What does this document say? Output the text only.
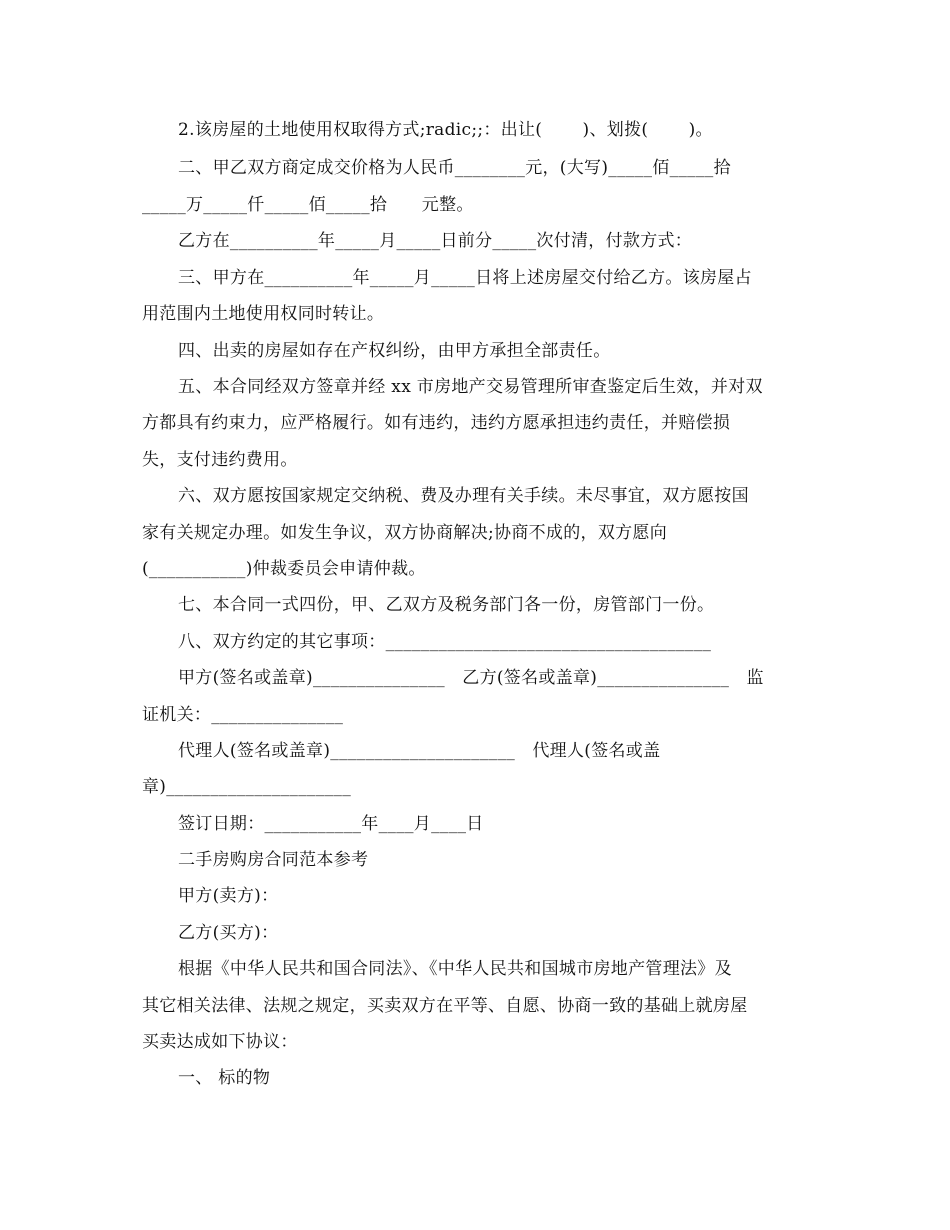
2.该房屋的土地使用权取得方式;radic;;：出让(　　 )、划拨(　　 )。
二、甲乙双方商定成交价格为人民币________元，(大写)_____佰_____拾
_____万_____仟_____佰_____拾　　元整。
乙方在__________年_____月_____日前分_____次付清，付款方式：
三、甲方在__________年_____月_____日将上述房屋交付给乙方。该房屋占
用范围内土地使用权同时转让。
四、出卖的房屋如存在产权纠纷，由甲方承担全部责任。
五、本合同经双方签章并经 xx 市房地产交易管理所审查鉴定后生效，并对双
方都具有约束力，应严格履行。如有违约，违约方愿承担违约责任，并赔偿损
失，支付违约费用。
六、双方愿按国家规定交纳税、费及办理有关手续。未尽事宜，双方愿按国
家有关规定办理。如发生争议，双方协商解决;协商不成的，双方愿向
(___________)仲裁委员会申请仲裁。
七、本合同一式四份，甲、乙双方及税务部门各一份，房管部门一份。
八、双方约定的其它事项：_____________________________________
甲方(签名或盖章)_______________　乙方(签名或盖章)_______________　监
证机关：_______________
代理人(签名或盖章)_____________________　代理人(签名或盖
章)_____________________
签订日期：___________年____月____日
二手房购房合同范本参考
甲方(卖方)：
乙方(买方)：
根据《中华人民共和国合同法》、《中华人民共和国城市房地产管理法》及
其它相关法律、法规之规定，买卖双方在平等、自愿、协商一致的基础上就房屋
买卖达成如下协议：
一、 标的物
